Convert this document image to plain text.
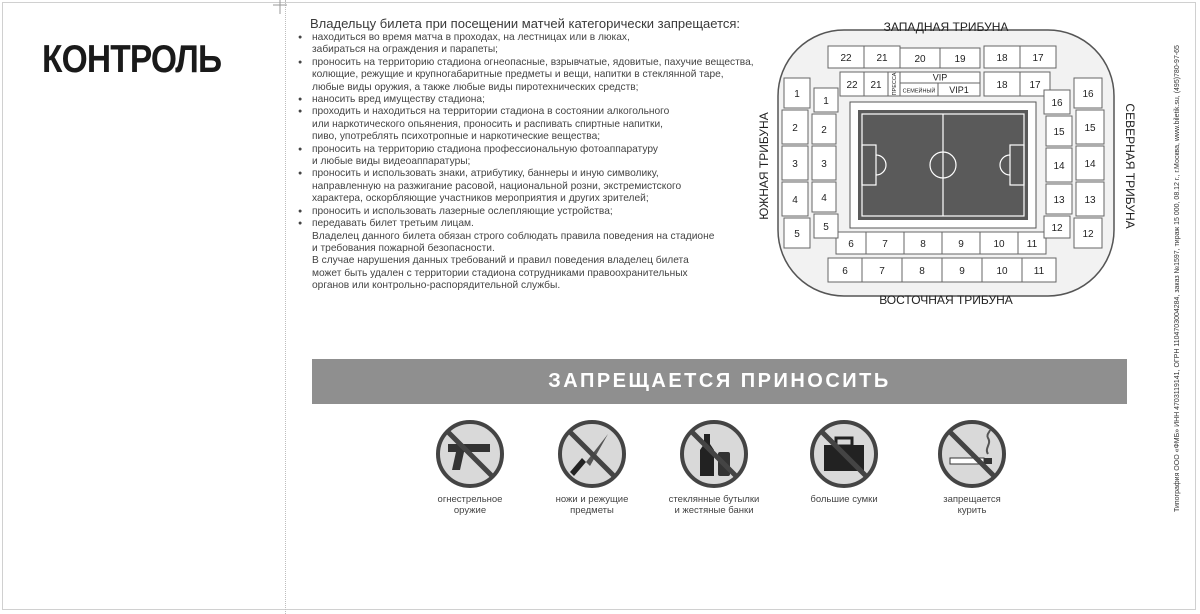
КОНТРОЛЬ
Владельцу билета при посещении матчей категорически запрещается:
● находиться во время матча в проходах, на лестницах или в люках,
забираться на ограждения и парапеты;
● проносить на территорию стадиона огнеопасные, взрывчатые, ядовитые, пахучие вещества,
колющие, режущие и крупногабаритные предметы и вещи, напитки в стеклянной таре,
любые виды оружия, а также любые виды пиротехнических средств;
● наносить вред имуществу стадиона;
● проходить и находиться на территории стадиона в состоянии алкогольного
или наркотического опьянения, проносить и распивать спиртные напитки,
пиво, употреблять психотропные и наркотические вещества;
● проносить на территорию стадиона профессиональную фотоаппаратуру
и любые виды видеоаппаратуры;
● проносить и использовать знаки, атрибутику, баннеры и иную символику,
направленную на разжигание расовой, национальной розни, экстремистского
характера, оскорбляющие участников мероприятия и других зрителей;
● проносить и использовать лазерные ослепляющие устройства;
● передавать билет третьим лицам.

Владелец данного билета обязан строго соблюдать правила поведения на стадионе
и требования пожарной безопасности.

В случае нарушения данных требований и правил поведения владелец билета
может быть удален с территории стадиона сотрудниками правоохранительных
органов или контрольно-распорядительной службы.

ЗАПАДНАЯ ТРИБУНА
ВОСТОЧНАЯ ТРИБУНА
ЮЖНАЯ ТРИБУНА	СЕВЕРНАЯ ТРИБУНА
22 21	20	19	18 17
22 21 ПРЕССА	VIP
СЕМЕЙНЫЙ VIP1	18 17
6	7	8	9	10 11
6	7	8	9	10	11
1
2
3
4
5
1
2
3
4
5
16
15
14
13
12
16
15
14
13
12
ЗАПРЕЩАЕТСЯ ПРИНОСИТЬ
огнестрельное
оружие
ножи и режущие
предметы
стеклянные бутылки
и жестяные банки
большие сумки	запрещается
курить	Типография ООО «ФМБ» ИНН 4703119141, ОГРН 1104703004284, заказ №1597, тираж 15 000, 08.12 г., г.Москва, www.biletik.su, (495)780-97-65
